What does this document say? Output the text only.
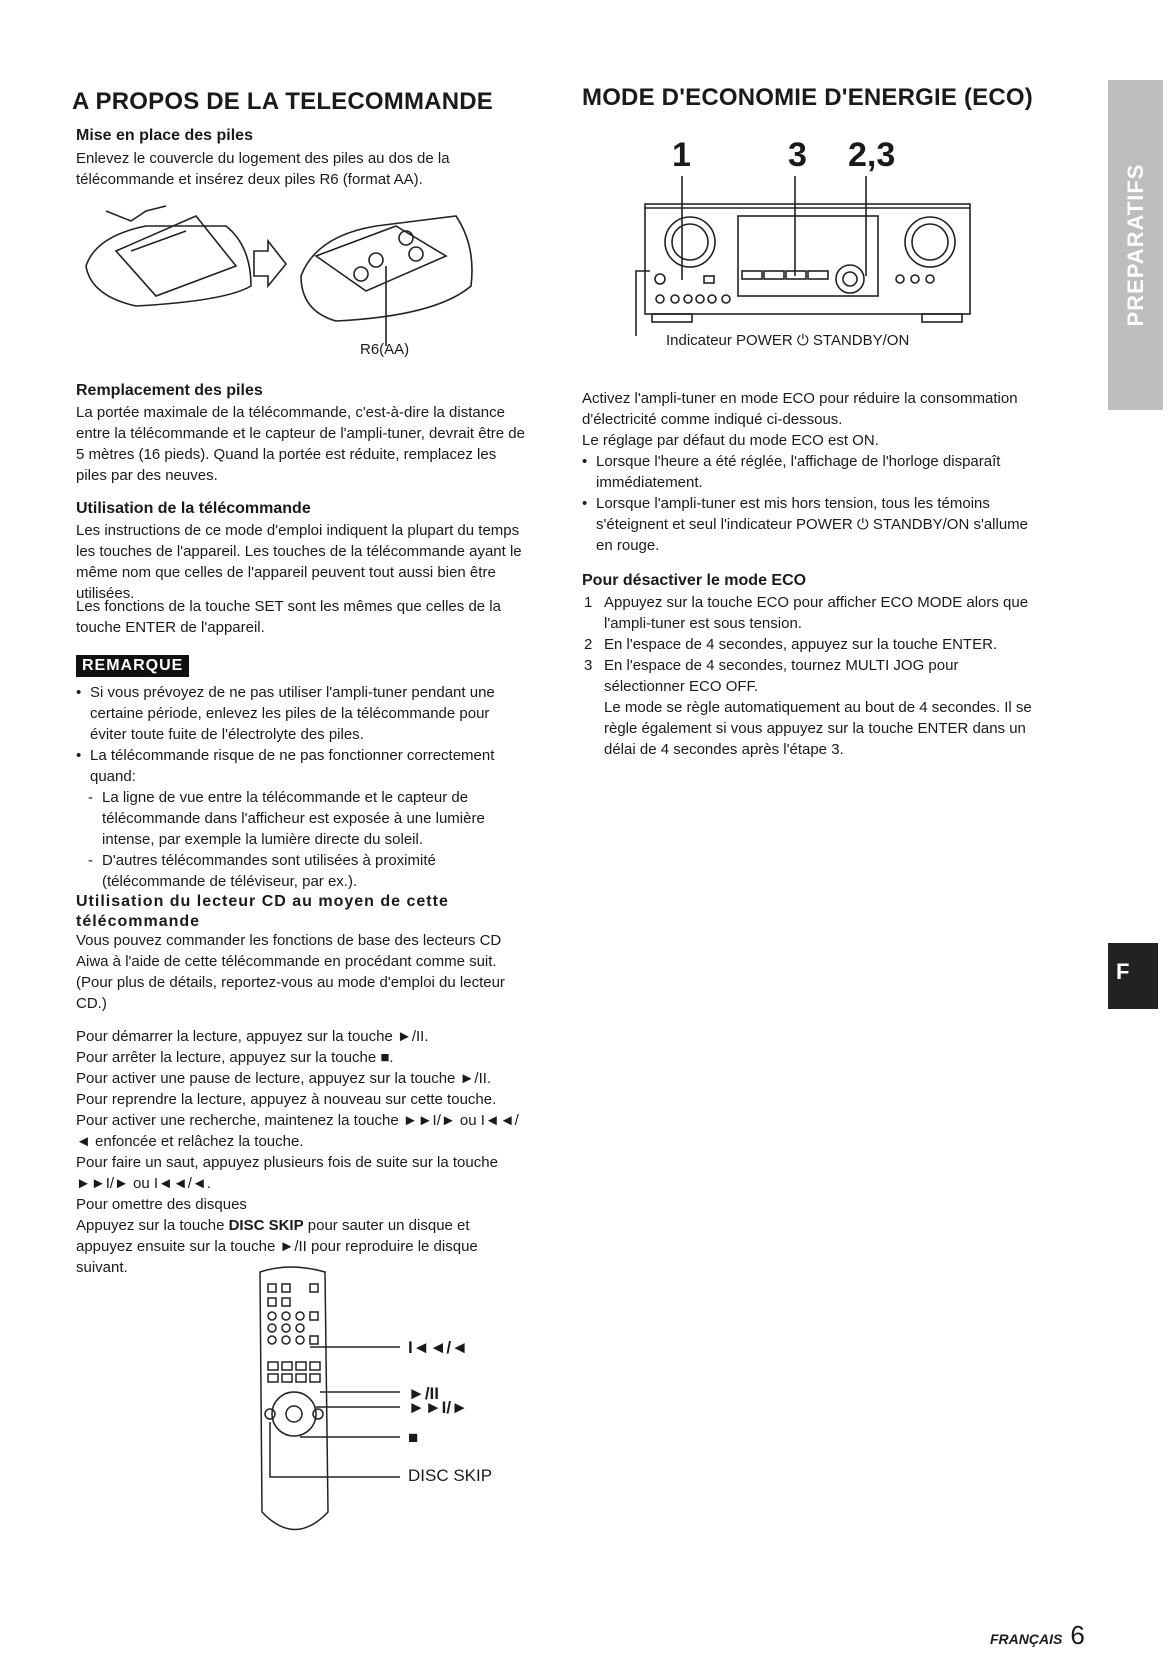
A PROPOS DE LA TELECOMMANDE
Mise en place des piles

Enlevez le couvercle du logement des piles au dos de la télécommande et insérez deux piles R6 (format AA).

R6(AA)
Remplacement des piles

La portée maximale de la télécommande, c'est-à-dire la distance entre la télécommande et le capteur de l'ampli-tuner, devrait être de 5 mètres (16 pieds). Quand la portée est réduite, remplacez les piles par des neuves.

Utilisation de la télécommande

Les instructions de ce mode d'emploi indiquent la plupart du temps les touches de l'appareil. Les touches de la télécommande ayant le même nom que celles de l'appareil peuvent tout aussi bien être utilisées.

Les fonctions de la touche SET sont les mêmes que celles de la touche ENTER de l'appareil.

REMARQUE
• Si vous prévoyez de ne pas utiliser l'ampli-tuner pendant une certaine période, enlevez les piles de la télécommande pour éviter toute fuite de l'électrolyte des piles.
• La télécommande risque de ne pas fonctionner correctement quand:
- La ligne de vue entre la télécommande et le capteur de télécommande dans l'afficheur est exposée à une lumière intense, par exemple la lumière directe du soleil.
- D'autres télécommandes sont utilisées à proximité (télécommande de téléviseur, par ex.).
Utilisation du lecteur CD au moyen de cette télécommande

Vous pouvez commander les fonctions de base des lecteurs CD Aiwa à l'aide de cette télécommande en procédant comme suit. (Pour plus de détails, reportez-vous au mode d'emploi du lecteur CD.)

Pour démarrer la lecture, appuyez sur la touche ►/II.

Pour arrêter la lecture, appuyez sur la touche ■.

Pour activer une pause de lecture, appuyez sur la touche ►/II.

Pour reprendre la lecture, appuyez à nouveau sur cette touche.

Pour activer une recherche, maintenez la touche ►►I/► ou I◄◄/◄ enfoncée et relâchez la touche.

Pour faire un saut, appuyez plusieurs fois de suite sur la touche ►►I/► ou I◄◄/◄.

Pour omettre des disques

Appuyez sur la touche DISC SKIP pour sauter un disque et appuyez ensuite sur la touche ►/II pour reproduire le disque suivant.

I◄◄/◄
►/II
►►I/►
■
DISC SKIP
MODE D'ECONOMIE D'ENERGIE (ECO)
1	3 2,3
Indicateur POWER ⏻ STANDBY/ON

Activez l'ampli-tuner en mode ECO pour réduire la consommation d'électricité comme indiqué ci-dessous.

Le réglage par défaut du mode ECO est ON.

• Lorsque l'heure a été réglée, l'affichage de l'horloge disparaît immédiatement.
• Lorsque l'ampli-tuner est mis hors tension, tous les témoins s'éteignent et seul l'indicateur POWER ⏻ STANDBY/ON s'allume en rouge.
Pour désactiver le mode ECO
1 Appuyez sur la touche ECO pour afficher ECO MODE alors que l'ampli-tuner est sous tension.
2 En l'espace de 4 secondes, appuyez sur la touche ENTER.
3 En l'espace de 4 secondes, tournez MULTI JOG pour sélectionner ECO OFF.
Le mode se règle automatiquement au bout de 4 secondes. Il se règle également si vous appuyez sur la touche ENTER dans un délai de 4 secondes après l'étape 3.
PREPARATIFS
F
FRANÇAIS 6
